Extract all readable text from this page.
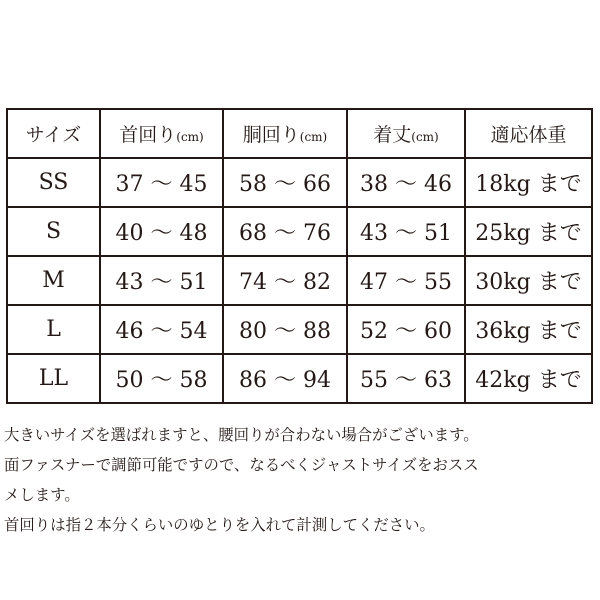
サイズ	首回り(cm)	胴回り(cm)	着丈(cm)	適応体重
SS	37 ～ 45	58 ～ 66	38 ～ 46	18kg まで
S	40 ～ 48	68 ～ 76	43 ～ 51	25kg まで
M	43 ～ 51	74 ～ 82	47 ～ 55	30kg まで
L	46 ～ 54	80 ～ 88	52 ～ 60	36kg まで
LL	50 ～ 58	86 ～ 94	55 ～ 63	42kg まで

大きいサイズを選ばれますと、腰回りが合わない場合がございます。

面ファスナーで調節可能ですので、なるべくジャストサイズをおスス

メします。

首回りは指２本分くらいのゆとりを入れて計測してください。
